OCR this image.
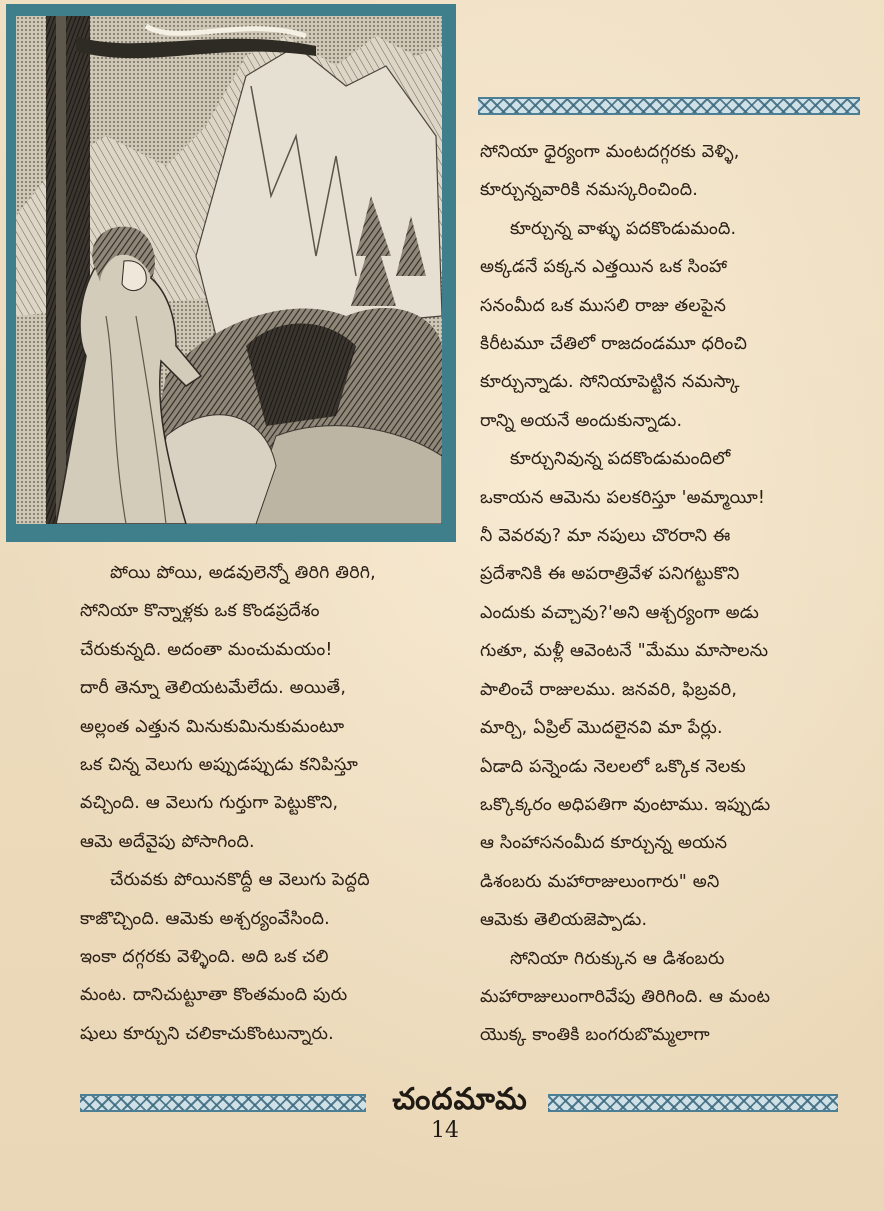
సోనియా ధైర్యంగా మంటదగ్గరకు వెళ్ళి,
కూర్చున్నవారికి నమస్కరించింది.

కూర్చున్న వాళ్ళు పదకొండుమంది.
అక్కడనే పక్కన ఎత్తయిన ఒక సింహా
సనంమీద ఒక ముసలి రాజు తలపైన
కిరీటమూ చేతిలో రాజదండమూ ధరించి
కూర్చున్నాడు. సోనియాపెట్టిన నమస్కా
రాన్ని అయనే అందుకున్నాడు.

కూర్చునివున్న పదకొండుమందిలో
ఒకాయన ఆమెను పలకరిస్తూ 'అమ్మాయీ!
నీ వెవరవు? మా నపులు చొరరాని ఈ
ప్రదేశానికి ఈ అపరాత్రివేళ పనిగట్టుకొని
ఎందుకు వచ్చావు?'అని ఆశ్చర్యంగా అడు
గుతూ, మళ్లీ ఆవెంటనే "మేము మాసాలను
పాలించే రాజులము. జనవరి, ఫిబ్రవరి,
మార్చి, ఏప్రిల్ మొదలైనవి మా పేర్లు.
ఏడాది పన్నెండు నెలలలో ఒక్కొక నెలకు
ఒక్కొక్కరం అధిపతిగా వుంటాము. ఇప్పుడు
ఆ సింహాసనంమీద కూర్చున్న అయన
డిశంబరు మహారాజులుంగారు" అని
ఆమెకు తెలియజెప్పాడు.

సోనియా గిరుక్కున ఆ డిశంబరు
మహారాజులుంగారివేపు తిరిగింది. ఆ మంట
యొక్క కాంతికి బంగరుబొమ్మలాగా

పోయి పోయి, అడవులెన్నో తిరిగి తిరిగి,
సోనియా కొన్నాళ్లకు ఒక కొండప్రదేశం
చేరుకున్నది. అదంతా మంచుమయం!
దారీ తెన్నూ తెలియటమేలేదు. అయితే,
అల్లంత ఎత్తున మినుకుమినుకుమంటూ
ఒక చిన్న వెలుగు అప్పుడప్పుడు కనిపిస్తూ
వచ్చింది. ఆ వెలుగు గుర్తుగా పెట్టుకొని,
ఆమె అదేవైపు పోసాగింది.

చేరువకు పోయినకొద్దీ ఆ వెలుగు పెద్దది
కాజొచ్చింది. ఆమెకు అశ్చర్యంవేసింది.
ఇంకా దగ్గరకు వెళ్ళింది. అది ఒక చలి
మంట. దానిచుట్టూతా కొంతమంది పురు
షులు కూర్చుని చలికాచుకొంటున్నారు.

చందమామ
14
